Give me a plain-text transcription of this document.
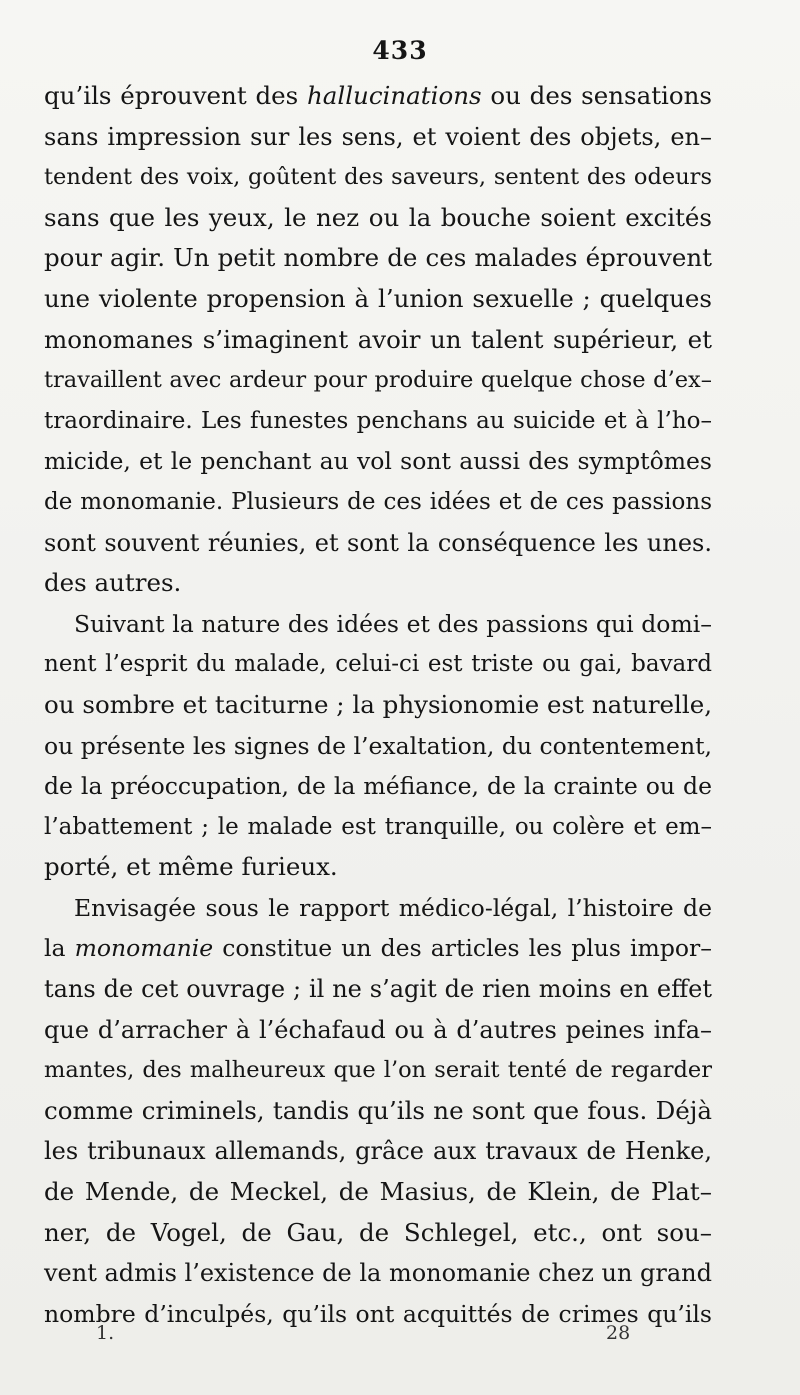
433
qu’ils éprouvent des hallucinations ou des sensations
sans impression sur les sens, et voient des objets, en–
tendent des voix, goûtent des saveurs, sentent des odeurs
sans que les yeux, le nez ou la bouche soient excités
pour agir. Un petit nombre de ces malades éprouvent
une violente propension à l’union sexuelle ; quelques
monomanes s’imaginent avoir un talent supérieur, et
travaillent avec ardeur pour produire quelque chose d’ex–
traordinaire. Les funestes penchans au suicide et à l’ho–
micide, et le penchant au vol sont aussi des symptômes
de monomanie. Plusieurs de ces idées et de ces passions
sont souvent réunies, et sont la conséquence les unes.
des autres.
Suivant la nature des idées et des passions qui domi–
nent l’esprit du malade, celui-ci est triste ou gai, bavard
ou sombre et taciturne ; la physionomie est naturelle,
ou présente les signes de l’exaltation, du contentement,
de la préoccupation, de la méfiance, de la crainte ou de
l’abattement ; le malade est tranquille, ou colère et em–
porté, et même furieux.
Envisagée sous le rapport médico-légal, l’histoire de
la monomanie constitue un des articles les plus impor–
tans de cet ouvrage ; il ne s’agit de rien moins en effet
que d’arracher à l’échafaud ou à d’autres peines infa–
mantes, des malheureux que l’on serait tenté de regarder
comme criminels, tandis qu’ils ne sont que fous. Déjà
les tribunaux allemands, grâce aux travaux de Henke,
de Mende, de Meckel, de Masius, de Klein, de Plat–
ner, de Vogel, de Gau, de Schlegel, etc., ont sou–
vent admis l’existence de la monomanie chez un grand
nombre d’inculpés, qu’ils ont acquittés de crimes qu’ils
1.	28
